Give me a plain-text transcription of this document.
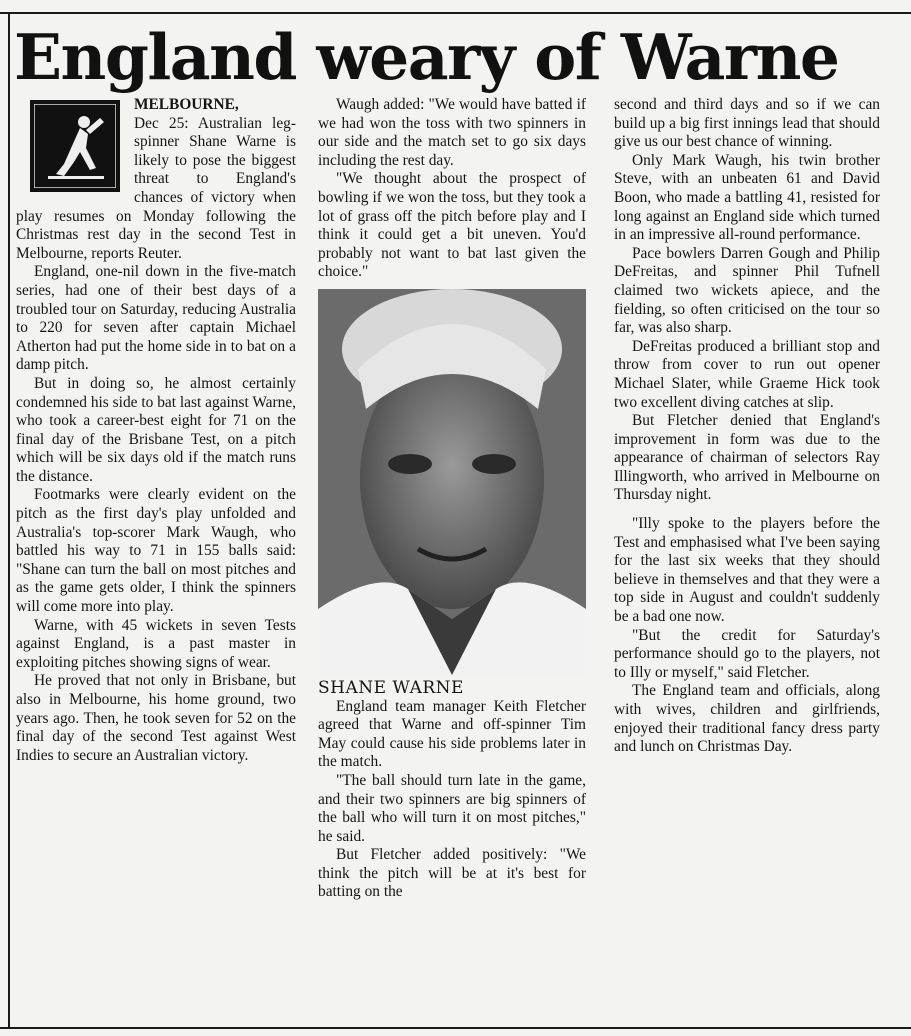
England weary of Warne

MELBOURNE,

Dec 25: Australian leg-spinner Shane Warne is likely to pose the biggest threat to England's chances of victory when play resumes on Monday following the Christmas rest day in the second Test in Melbourne, reports Reuter.

England, one-nil down in the five-match series, had one of their best days of a troubled tour on Saturday, reducing Australia to 220 for seven after captain Michael Atherton had put the home side in to bat on a damp pitch.

But in doing so, he almost certainly condemned his side to bat last against Warne, who took a career-best eight for 71 on the final day of the Brisbane Test, on a pitch which will be six days old if the match runs the distance.

Footmarks were clearly evident on the pitch as the first day's play unfolded and Australia's top-scorer Mark Waugh, who battled his way to 71 in 155 balls said: "Shane can turn the ball on most pitches and as the game gets older, I think the spinners will come more into play.

Warne, with 45 wickets in seven Tests against England, is a past master in exploiting pitches showing signs of wear.

He proved that not only in Brisbane, but also in Melbourne, his home ground, two years ago. Then, he took seven for 52 on the final day of the second Test against West Indies to secure an Australian victory.

Waugh added: "We would have batted if we had won the toss with two spinners in our side and the match set to go six days including the rest day.

"We thought about the prospect of bowling if we won the toss, but they took a lot of grass off the pitch before play and I think it could get a bit uneven. You'd probably not want to bat last given the choice."

SHANE WARNE

England team manager Keith Fletcher agreed that Warne and off-spinner Tim May could cause his side problems later in the match.

"The ball should turn late in the game, and their two spinners are big spinners of the ball who will turn it on most pitches," he said.

But Fletcher added positively: "We think the pitch will be at it's best for batting on the

second and third days and so if we can build up a big first innings lead that should give us our best chance of winning.

Only Mark Waugh, his twin brother Steve, with an unbeaten 61 and David Boon, who made a battling 41, resisted for long against an England side which turned in an impressive all-round performance.

Pace bowlers Darren Gough and Philip DeFreitas, and spinner Phil Tufnell claimed two wickets apiece, and the fielding, so often criticised on the tour so far, was also sharp.

DeFreitas produced a brilliant stop and throw from cover to run out opener Michael Slater, while Graeme Hick took two excellent diving catches at slip.

But Fletcher denied that England's improvement in form was due to the appearance of chairman of selectors Ray Illingworth, who arrived in Melbourne on Thursday night.

"Illy spoke to the players before the Test and emphasised what I've been saying for the last six weeks that they should believe in themselves and that they were a top side in August and couldn't suddenly be a bad one now.

"But the credit for Saturday's performance should go to the players, not to Illy or myself," said Fletcher.

The England team and officials, along with wives, children and girlfriends, enjoyed their traditional fancy dress party and lunch on Christmas Day.
